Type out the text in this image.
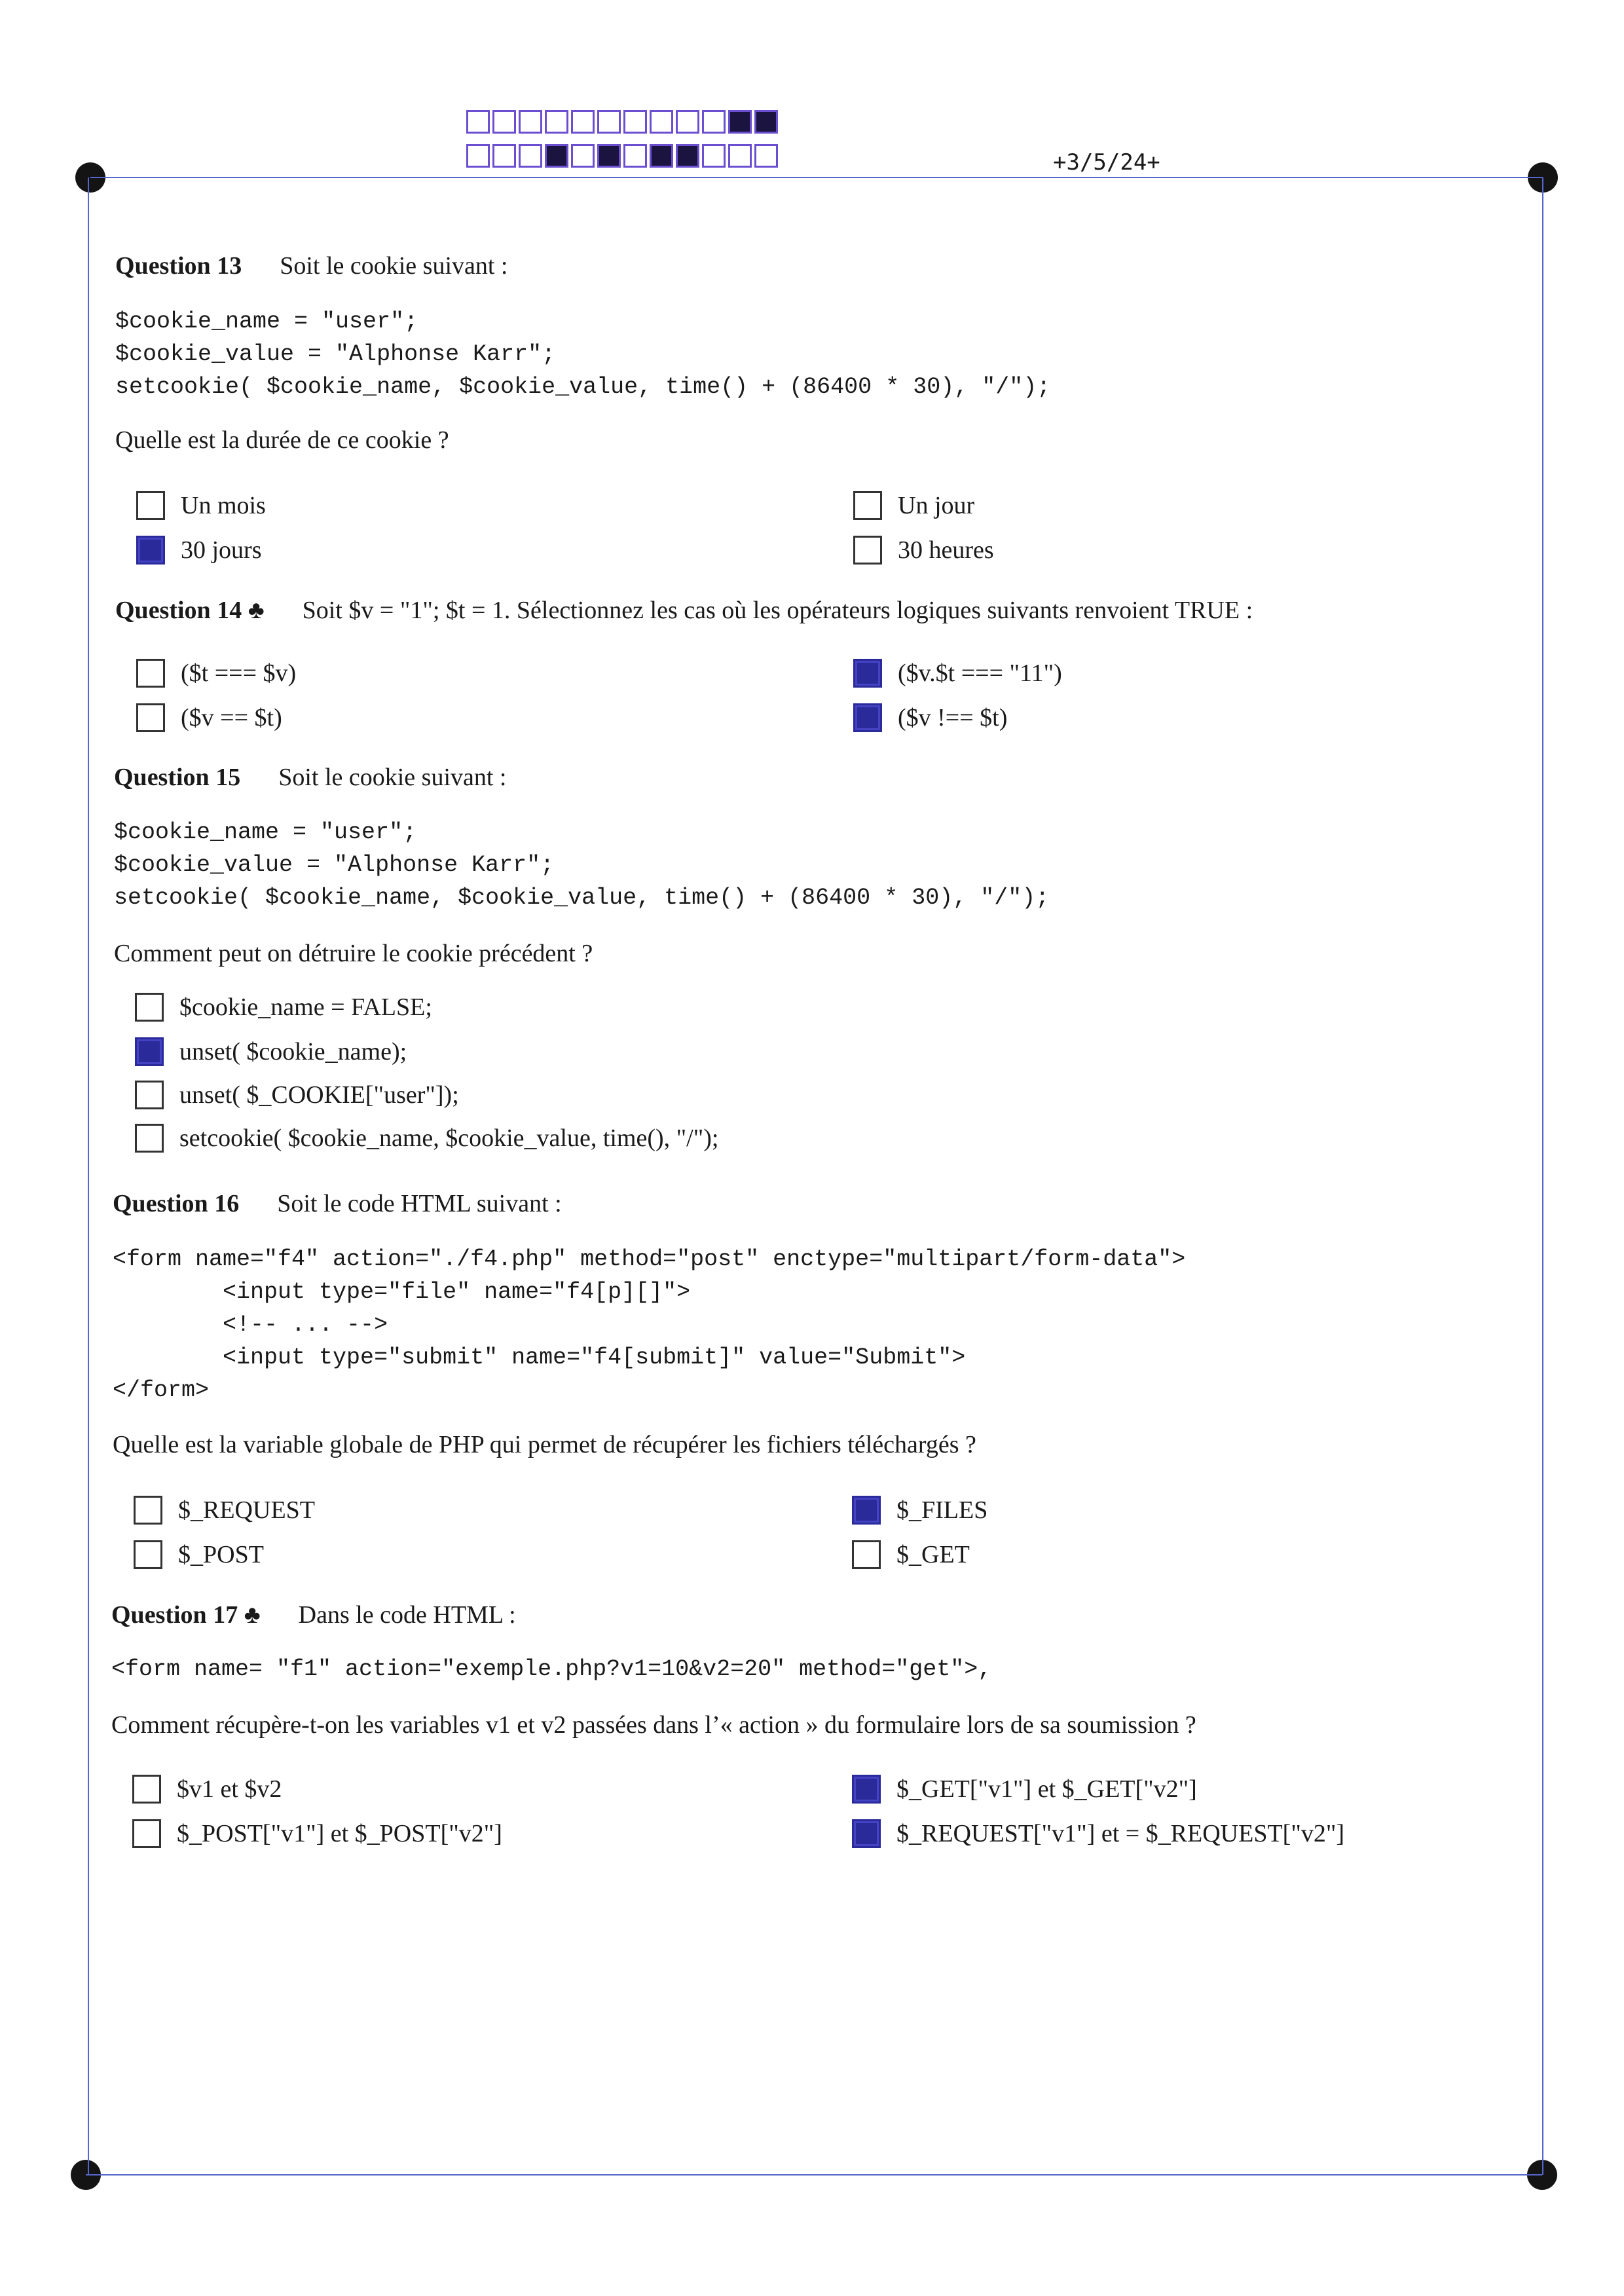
+3/5/24+
Question 13 Soit le cookie suivant :
$cookie_name = "user";
$cookie_value = "Alphonse Karr";
setcookie( $cookie_name, $cookie_value, time() + (86400 * 30), "/");
Quelle est la durée de ce cookie ?
Un mois
30 jours
Un jour
30 heures
Question 14 ♣ Soit $v = "1"; $t = 1. Sélectionnez les cas où les opérateurs logiques suivants renvoient TRUE :
($t === $v)
($v == $t)
($v.$t === "11")
($v !== $t)
Question 15 Soit le cookie suivant :
$cookie_name = "user";
$cookie_value = "Alphonse Karr";
setcookie( $cookie_name, $cookie_value, time() + (86400 * 30), "/");
Comment peut on détruire le cookie précédent ?
$cookie_name = FALSE;
unset( $cookie_name);
unset( $_COOKIE["user"]);
setcookie( $cookie_name, $cookie_value, time(), "/");
Question 16 Soit le code HTML suivant :
<form name="f4" action="./f4.php" method="post" enctype="multipart/form-data">
<input type="file" name="f4[p][]">
<!-- ... -->
<input type="submit" name="f4[submit]" value="Submit">
</form>
Quelle est la variable globale de PHP qui permet de récupérer les fichiers téléchargés ?
$_REQUEST
$_POST
$_FILES
$_GET
Question 17 ♣ Dans le code HTML :
<form name= "f1" action="exemple.php?v1=10&v2=20" method="get">,
Comment récupère-t-on les variables v1 et v2 passées dans l’« action » du formulaire lors de sa soumission ?
$v1 et $v2
$_POST["v1"] et $_POST["v2"]
$_GET["v1"] et $_GET["v2"]
$_REQUEST["v1"] et = $_REQUEST["v2"]
